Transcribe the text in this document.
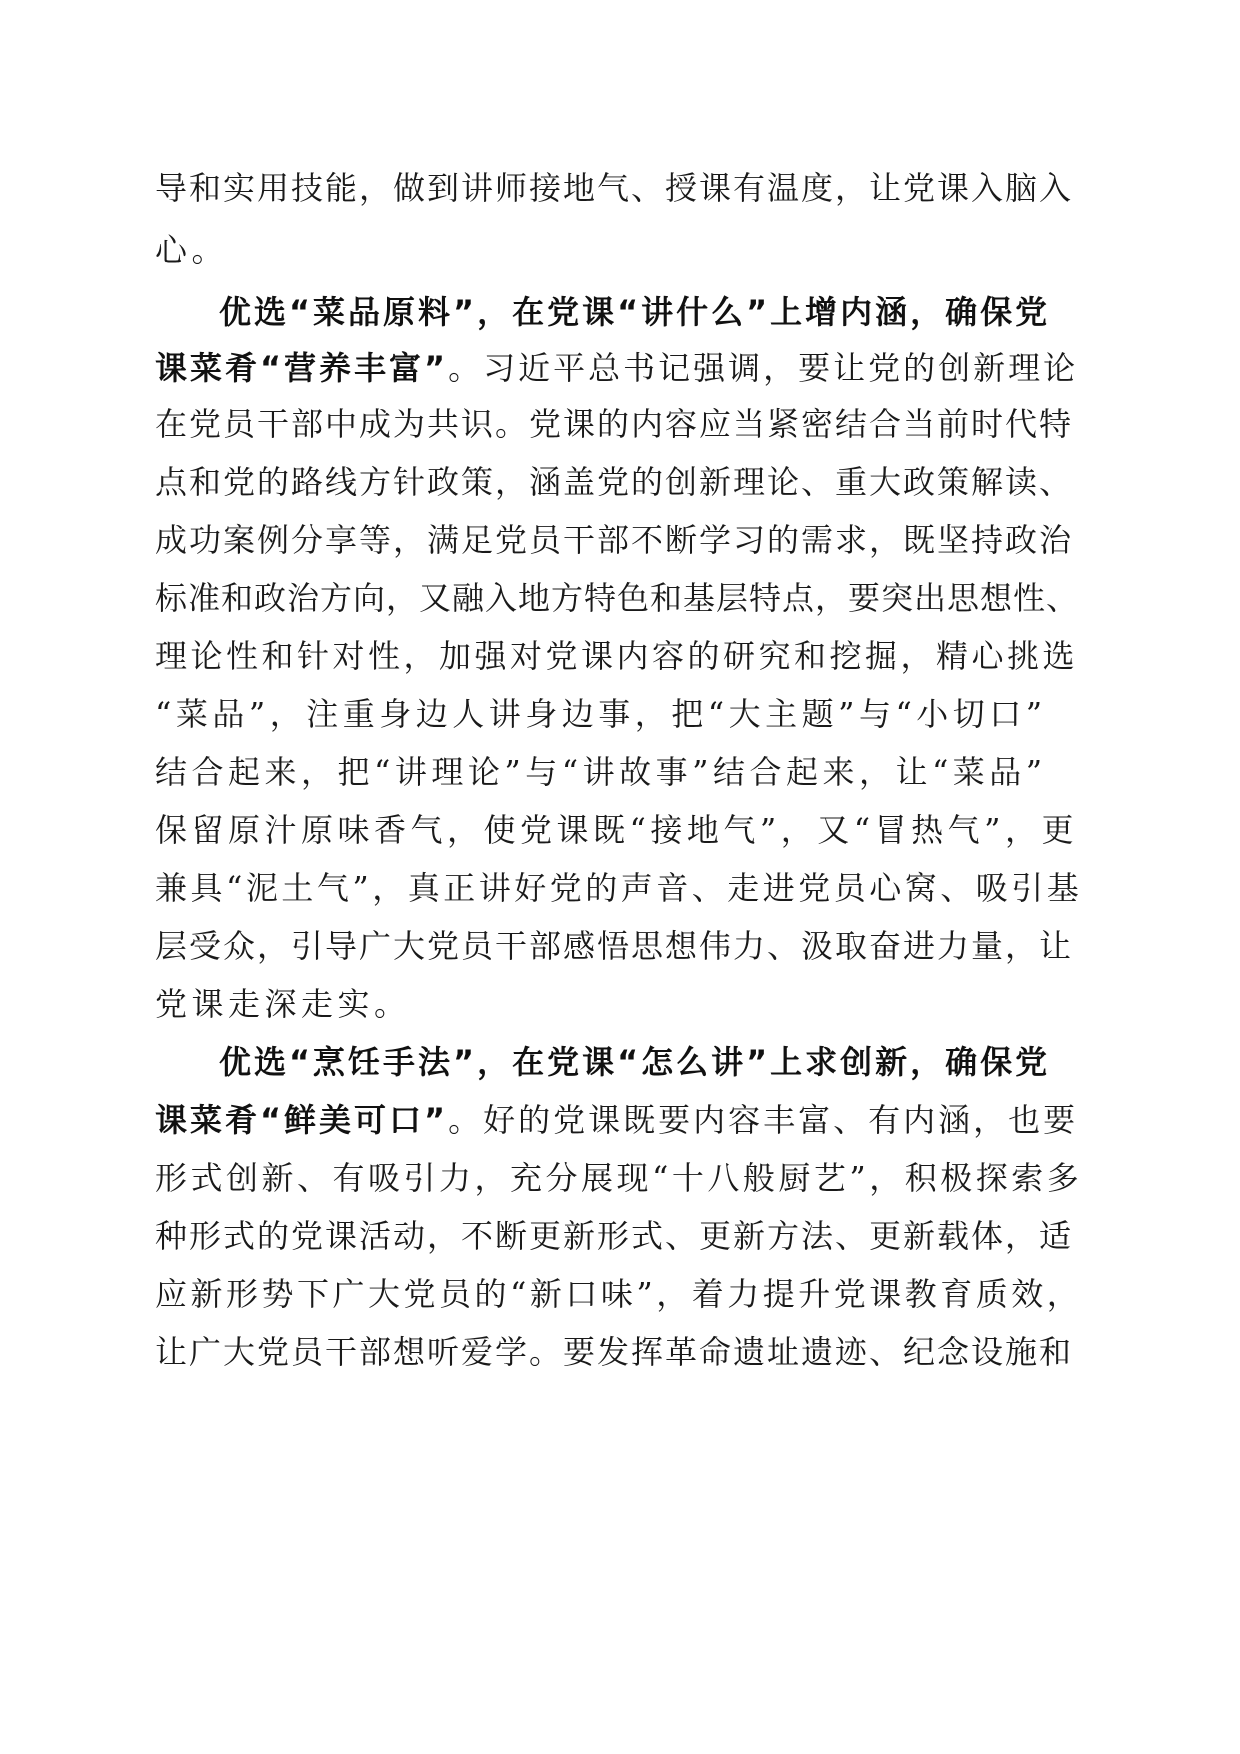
导和实用技能，做到讲师接地气、授课有温度，让党课入脑入
心。
优选“菜品原料”，在党课“讲什么”上增内涵，确保党
课菜肴“营养丰富”。习近平总书记强调，要让党的创新理论
在党员干部中成为共识。党课的内容应当紧密结合当前时代特
点和党的路线方针政策，涵盖党的创新理论、重大政策解读、
成功案例分享等，满足党员干部不断学习的需求，既坚持政治
标准和政治方向，又融入地方特色和基层特点，要突出思想性、
理论性和针对性，加强对党课内容的研究和挖掘，精心挑选
“菜品”，注重身边人讲身边事，把“大主题”与“小切口”
结合起来，把“讲理论”与“讲故事”结合起来，让“菜品”
保留原汁原味香气，使党课既“接地气”，又“冒热气”，更
兼具“泥土气”，真正讲好党的声音、走进党员心窝、吸引基
层受众，引导广大党员干部感悟思想伟力、汲取奋进力量，让
党课走深走实。
优选“烹饪手法”，在党课“怎么讲”上求创新，确保党
课菜肴“鲜美可口”。好的党课既要内容丰富、有内涵，也要
形式创新、有吸引力，充分展现“十八般厨艺”，积极探索多
种形式的党课活动，不断更新形式、更新方法、更新载体，适
应新形势下广大党员的“新口味”，着力提升党课教育质效，
让广大党员干部想听爱学。要发挥革命遗址遗迹、纪念设施和
